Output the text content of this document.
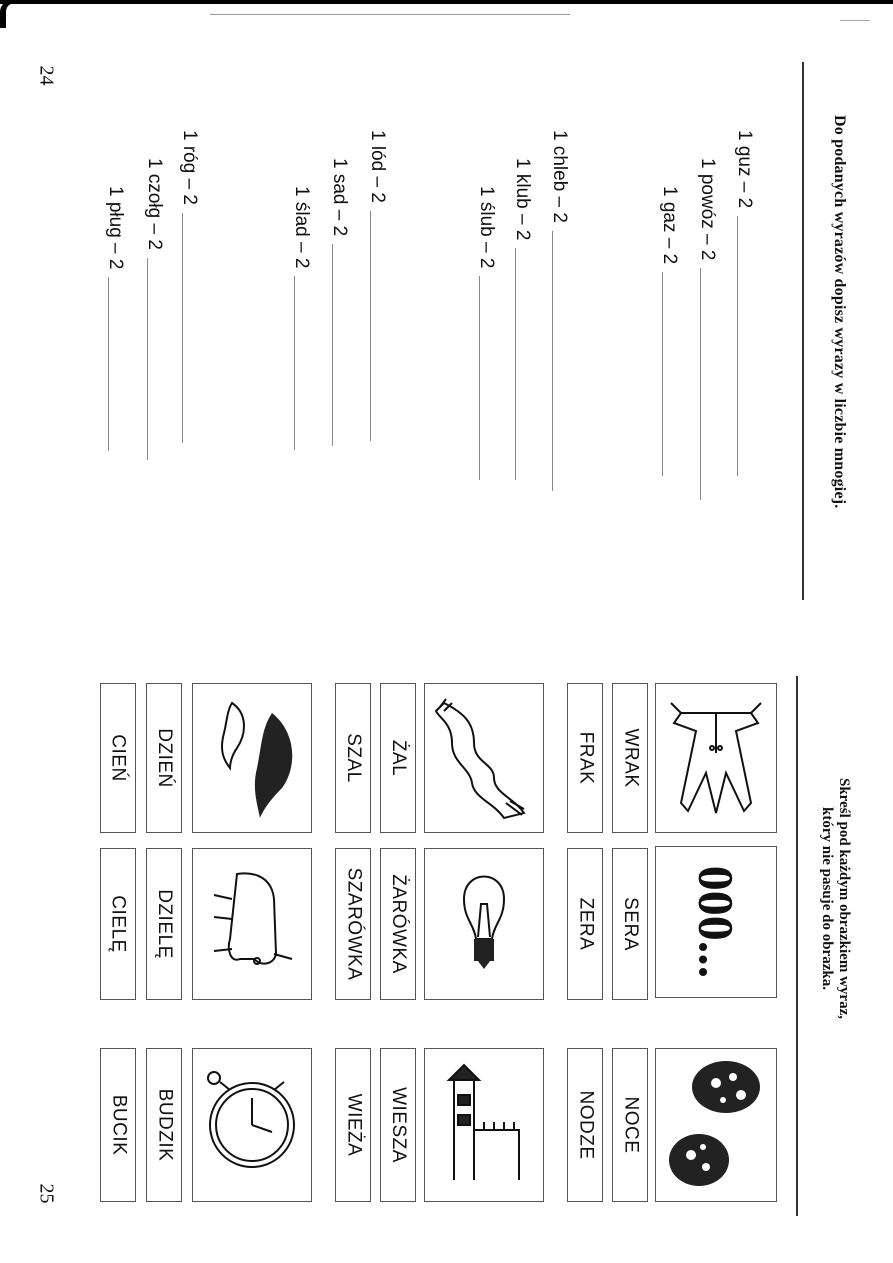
24
25
Do podanych wyrazów dopisz wyrazy w liczbie mnogiej.
1 guz – 2
1 powóz – 2
1 gaz – 2
1 chleb – 2
1 klub – 2
1 ślub – 2
1 lód – 2
1 sad – 2
1 ślad – 2
1 róg – 2
1 czołg – 2
1 pług – 2
Skreśl pod każdym obrazkiem wyraz,
który nie pasuje do obrazka.
000...
WRAK
FRAK
SERA
ZERA
NOCE
NODZE
ŻAL
SZAL
ŻARÓWKA
SZARÓWKA
WIESZA
WIEŻA
DZIEŃ
CIEŃ
DZIELĘ
CIELĘ
BUDZIK
BUCIK
